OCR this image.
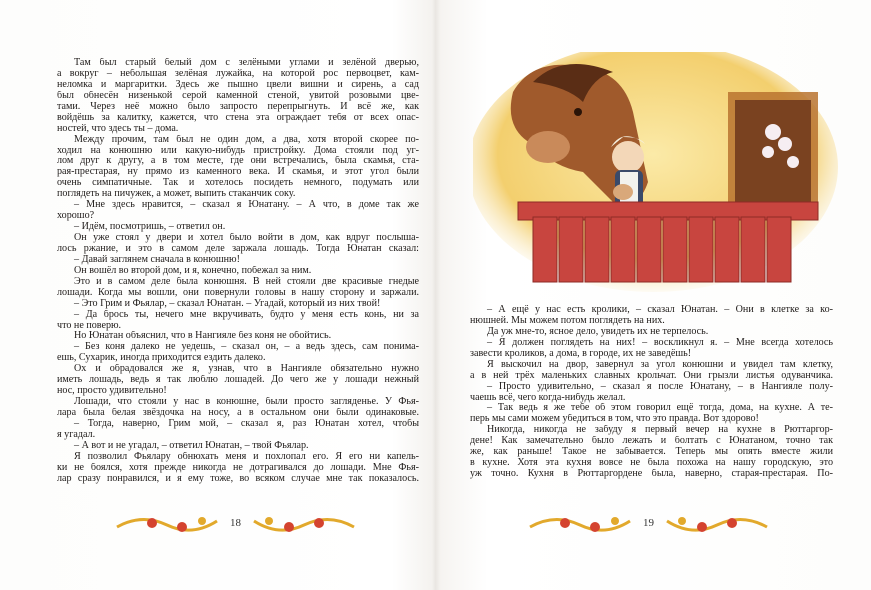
Там был старый белый дом с зелёными углами и зелёной дверью,
а вокруг – небольшая зелёная лужайка, на которой рос первоцвет, кам-
неломка и маргаритки. Здесь же пышно цвели вишни и сирень, а сад
был обнесён низенькой серой каменной стеной, увитой розовыми цве-
тами. Через неё можно было запросто перепрыгнуть. И всё же, как
войдёшь за калитку, кажется, что стена эта ограждает тебя от всех опас-
ностей, что здесь ты – дома.
Между прочим, там был не один дом, а два, хотя второй скорее по-
ходил на конюшню или какую-нибудь пристройку. Дома стояли под уг-
лом друг к другу, а в том месте, где они встречались, была скамья, ста-
рая-престарая, ну прямо из каменного века. И скамья, и этот угол были
очень симпатичные. Так и хотелось посидеть немного, подумать или
поглядеть на пичужек, а может, выпить стаканчик соку.
– Мне здесь нравится, – сказал я Юнатану. – А что, в доме так же
хорошо?
– Идём, посмотришь, – ответил он.
Он уже стоял у двери и хотел было войти в дом, как вдруг послыша-
лось ржание, и это в самом деле заржала лошадь. Тогда Юнатан сказал:
– Давай заглянем сначала в конюшню!
Он вошёл во второй дом, и я, конечно, побежал за ним.
Это и в самом деле была конюшня. В ней стояли две красивые гнедые
лошади. Когда мы вошли, они повернули головы в нашу сторону и заржали.
– Это Грим и Фьялар, – сказал Юнатан. – Угадай, который из них твой!
– Да брось ты, нечего мне вкручивать, будто у меня есть конь, ни за
что не поверю.
Но Юнатан объяснил, что в Нангияле без коня не обойтись.
– Без коня далеко не уедешь, – сказал он, – а ведь здесь, сам понима-
ешь, Сухарик, иногда приходится ездить далеко.
Ох и обрадовался же я, узнав, что в Нангияле обязательно нужно
иметь лошадь, ведь я так люблю лошадей. До чего же у лошади нежный
нос, просто удивительно!
Лошади, что стояли у нас в конюшне, были просто загляденье. У Фья-
лара была белая звёздочка на носу, а в остальном они были одинаковые.
– Тогда, наверно, Грим мой, – сказал я, раз Юнатан хотел, чтобы
я угадал.
– А вот и не угадал, – ответил Юнатан, – твой Фьялар.
Я позволил Фьялару обнюхать меня и похлопал его. Я его ни капель-
ки не боялся, хотя прежде никогда не дотрагивался до лошади. Мне Фья-
лар сразу понравился, и я ему тоже, во всяком случае мне так показалось.
– А ещё у нас есть кролики, – сказал Юнатан. – Они в клетке за ко-
нюшней. Мы можем потом поглядеть на них.
Да уж мне-то, ясное дело, увидеть их не терпелось.
– Я должен поглядеть на них! – воскликнул я. – Мне всегда хотелось
завести кроликов, а дома, в городе, их не заведёшь!
Я выскочил на двор, завернул за угол конюшни и увидел там клетку,
а в ней трёх маленьких славных крольчат. Они грызли листья одуванчика.
– Просто удивительно, – сказал я после Юнатану, – в Нангияле полу-
чаешь всё, чего когда-нибудь желал.
– Так ведь я же тебе об этом говорил ещё тогда, дома, на кухне. А те-
перь мы сами можем убедиться в том, что это правда. Вот здорово!
Никогда, никогда не забуду я первый вечер на кухне в Рюттаргор-
дене! Как замечательно было лежать и болтать с Юнатаном, точно так
же, как раньше! Такое не забывается. Теперь мы опять вместе жили
в кухне. Хотя эта кухня вовсе не была похожа на нашу городскую, это
уж точно. Кухня в Рюттаргордене была, наверно, старая-престарая. По-
18	19
